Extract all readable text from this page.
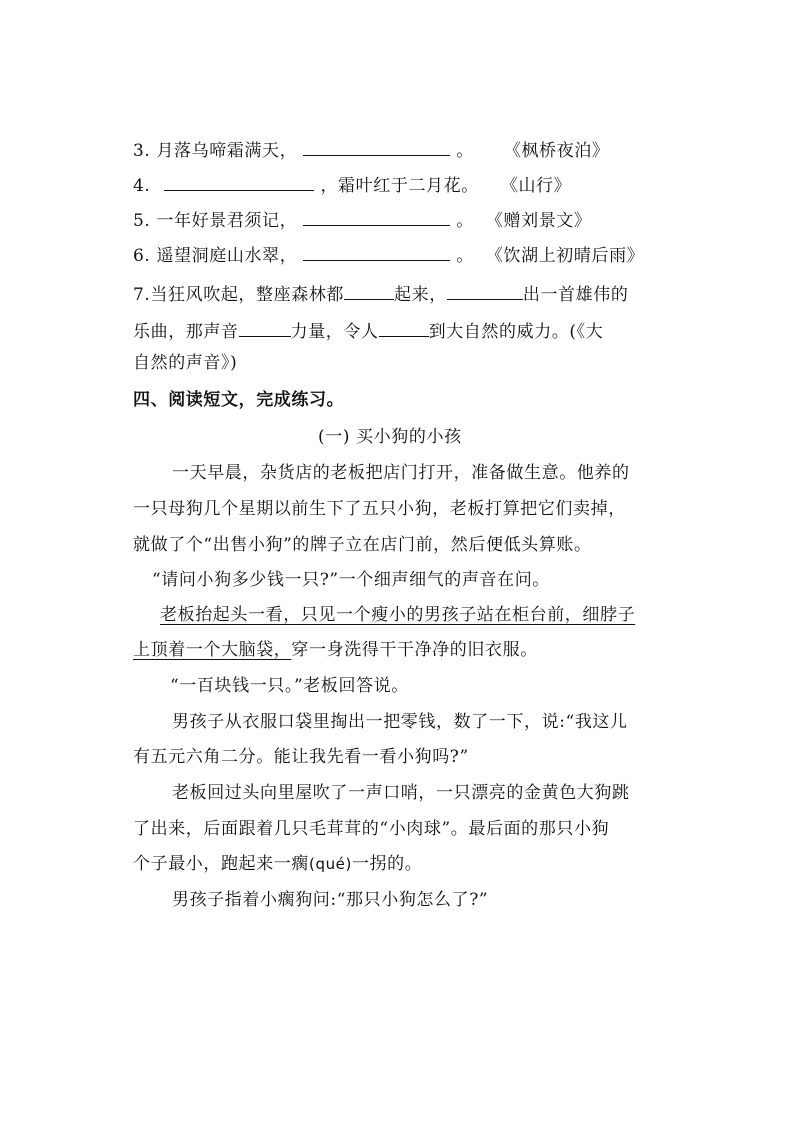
3. 月落乌啼霜满天，	。 《枫桥夜泊》
4.	，霜叶红于二月花。 《山行》
5. 一年好景君须记，	。 《赠刘景文》
6. 遥望洞庭山水翠，	。 《饮湖上初晴后雨》
7.当狂风吹起，整座森林都	起来，	出一首雄伟的
乐曲，那声音	力量，令人	到大自然的威力。(《大
自然的声音》)
四、阅读短文，完成练习。
(一) 买小狗的小孩
一天早晨，杂货店的老板把店门打开，准备做生意。他养的
一只母狗几个星期以前生下了五只小狗，老板打算把它们卖掉，
就做了个“出售小狗”的牌子立在店门前，然后便低头算账。
“请问小狗多少钱一只?”一个细声细气的声音在问。
老板抬起头一看，只见一个瘦小的男孩子站在柜台前，细脖子
上顶着一个大脑袋，穿一身洗得干干净净的旧衣服。
“一百块钱一只。”老板回答说。
男孩子从衣服口袋里掏出一把零钱，数了一下，说:“我这儿
有五元六角二分。能让我先看一看小狗吗?”
老板回过头向里屋吹了一声口哨，一只漂亮的金黄色大狗跳
了出来，后面跟着几只毛茸茸的“小肉球”。最后面的那只小狗
个子最小，跑起来一瘸(qué)一拐的。
男孩子指着小瘸狗问:“那只小狗怎么了?”
